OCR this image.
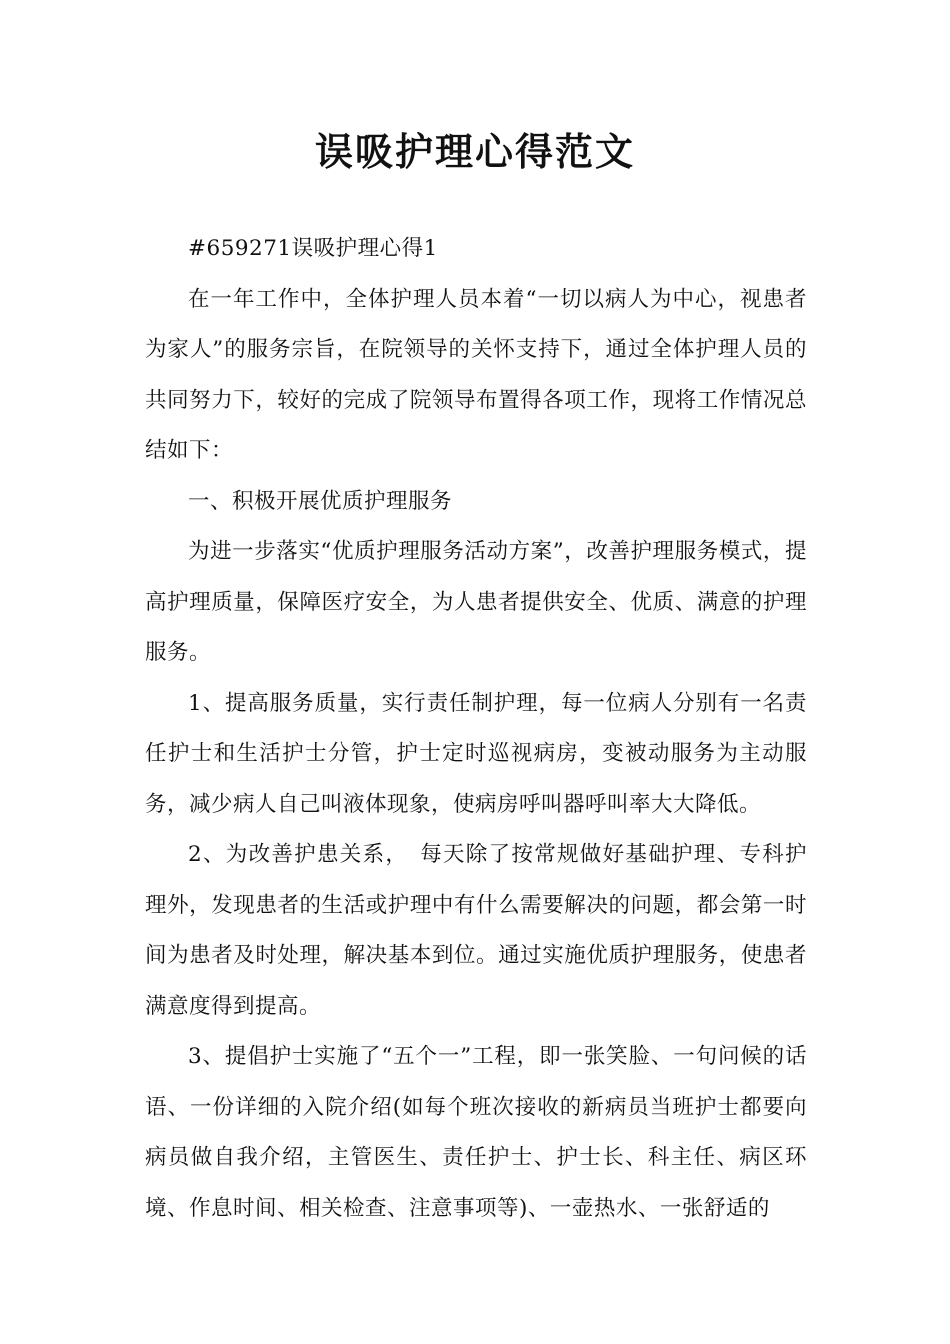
误吸护理心得范文

#659271误吸护理心得1

在一年工作中，全体护理人员本着“一切以病人为中心，视患者为家人”的服务宗旨，在院领导的关怀支持下，通过全体护理人员的共同努力下，较好的完成了院领导布置得各项工作，现将工作情况总结如下：

一、积极开展优质护理服务

为进一步落实“优质护理服务活动方案”，改善护理服务模式，提高护理质量，保障医疗安全，为人患者提供安全、优质、满意的护理服务。

1、提高服务质量，实行责任制护理，每一位病人分别有一名责任护士和生活护士分管，护士定时巡视病房，变被动服务为主动服务，减少病人自己叫液体现象，使病房呼叫器呼叫率大大降低。

2、为改善护患关系，　每天除了按常规做好基础护理、专科护理外，发现患者的生活或护理中有什么需要解决的问题，都会第一时间为患者及时处理，解决基本到位。通过实施优质护理服务，使患者满意度得到提高。

3、提倡护士实施了“五个一”工程，即一张笑脸、一句问候的话语、一份详细的入院介绍(如每个班次接收的新病员当班护士都要向病员做自我介绍，主管医生、责任护士、护士长、科主任、病区环境、作息时间、相关检查、注意事项等)、一壶热水、一张舒适的
